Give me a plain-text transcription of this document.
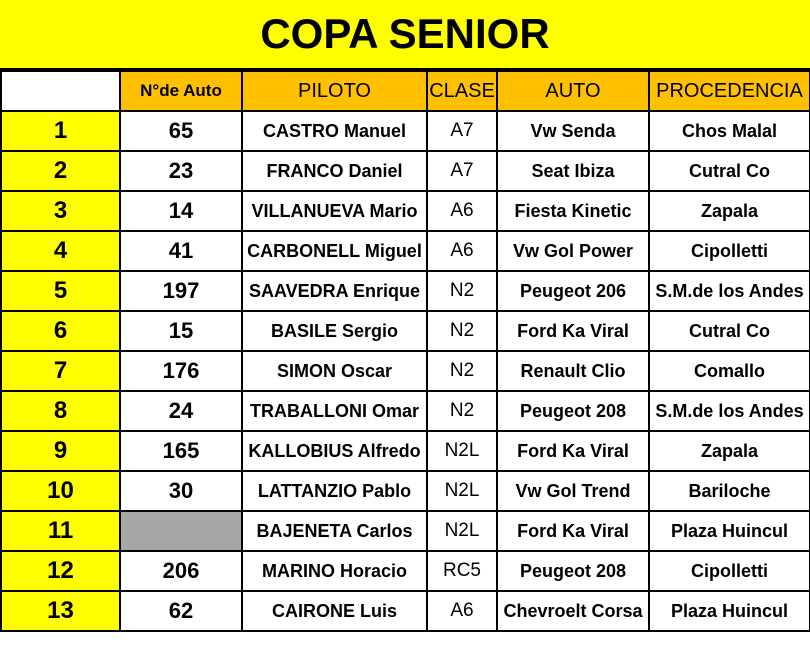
COPA SENIOR
	N°de Auto	PILOTO	CLASE	AUTO	PROCEDENCIA
1	65	CASTRO Manuel	A7	Vw Senda	Chos Malal
2	23	FRANCO Daniel	A7	Seat Ibiza	Cutral Co
3	14	VILLANUEVA Mario	A6	Fiesta Kinetic	Zapala
4	41	CARBONELL Miguel	A6	Vw Gol Power	Cipolletti
5	197	SAAVEDRA Enrique	N2	Peugeot 206	S.M.de los Andes
6	15	BASILE Sergio	N2	Ford Ka Viral	Cutral Co
7	176	SIMON Oscar	N2	Renault Clio	Comallo
8	24	TRABALLONI Omar	N2	Peugeot 208	S.M.de los Andes
9	165	KALLOBIUS Alfredo	N2L	Ford Ka Viral	Zapala
10	30	LATTANZIO Pablo	N2L	Vw Gol Trend	Bariloche
11		BAJENETA Carlos	N2L	Ford Ka Viral	Plaza Huincul
12	206	MARINO Horacio	RC5	Peugeot 208	Cipolletti
13	62	CAIRONE Luis	A6	Chevroelt Corsa	Plaza Huincul
